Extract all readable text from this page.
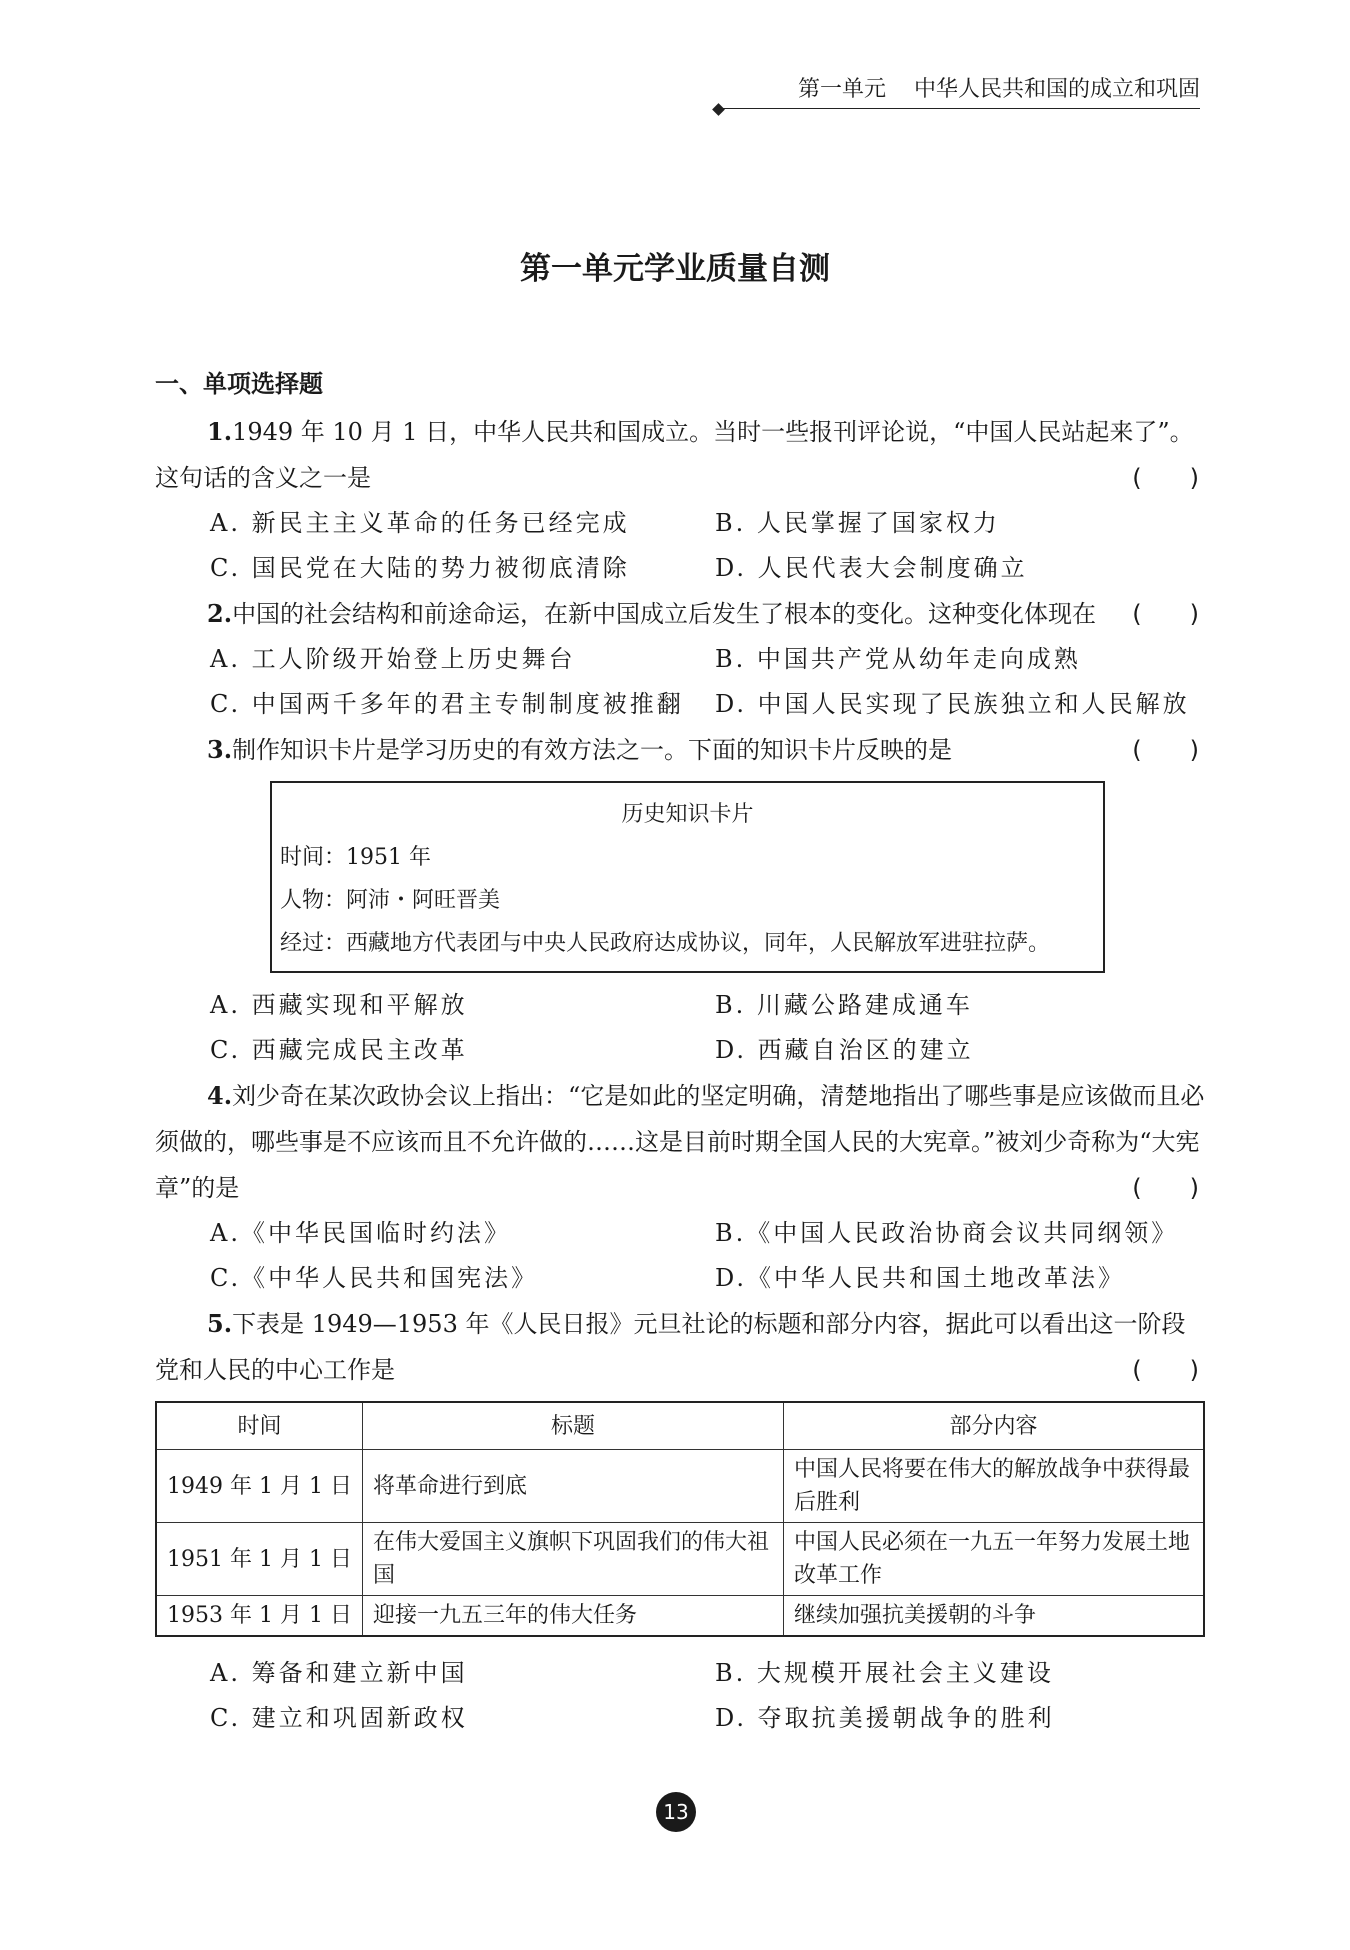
第一单元 中华人民共和国的成立和巩固
第一单元学业质量自测
一、单项选择题

1.1949 年 10 月 1 日，中华人民共和国成立。当时一些报刊评论说，“中国人民站起来了”。这句话的含义之一是	(　　)

A. 新民主主义革命的任务已经完成	B. 人民掌握了国家权力
C. 国民党在大陆的势力被彻底清除	D. 人民代表大会制度确立

2.中国的社会结构和前途命运，在新中国成立后发生了根本的变化。这种变化体现在	(　　)

A. 工人阶级开始登上历史舞台	B. 中国共产党从幼年走向成熟
C. 中国两千多年的君主专制制度被推翻	D. 中国人民实现了民族独立和人民解放

3.制作知识卡片是学习历史的有效方法之一。下面的知识卡片反映的是	(　　)

历史知识卡片
时间：1951 年
人物：阿沛・阿旺晋美
经过：西藏地方代表团与中央人民政府达成协议，同年，人民解放军进驻拉萨。
A. 西藏实现和平解放	B. 川藏公路建成通车
C. 西藏完成民主改革	D. 西藏自治区的建立

4.刘少奇在某次政协会议上指出：“它是如此的坚定明确，清楚地指出了哪些事是应该做而且必须做的，哪些事是不应该而且不允许做的……这是目前时期全国人民的大宪章。”被刘少奇称为“大宪章”的是	(　　)

A.《中华民国临时约法》	B.《中国人民政治协商会议共同纲领》
C.《中华人民共和国宪法》	D.《中华人民共和国土地改革法》

5.下表是 1949—1953 年《人民日报》元旦社论的标题和部分内容，据此可以看出这一阶段党和人民的中心工作是	(　　)

时间	标题	部分内容
1949 年 1 月 1 日	将革命进行到底	中国人民将要在伟大的解放战争中获得最后胜利
1951 年 1 月 1 日	在伟大爱国主义旗帜下巩固我们的伟大祖国	中国人民必须在一九五一年努力发展土地改革工作
1953 年 1 月 1 日	迎接一九五三年的伟大任务	继续加强抗美援朝的斗争
A. 筹备和建立新中国	B. 大规模开展社会主义建设
C. 建立和巩固新政权	D. 夺取抗美援朝战争的胜利
13
